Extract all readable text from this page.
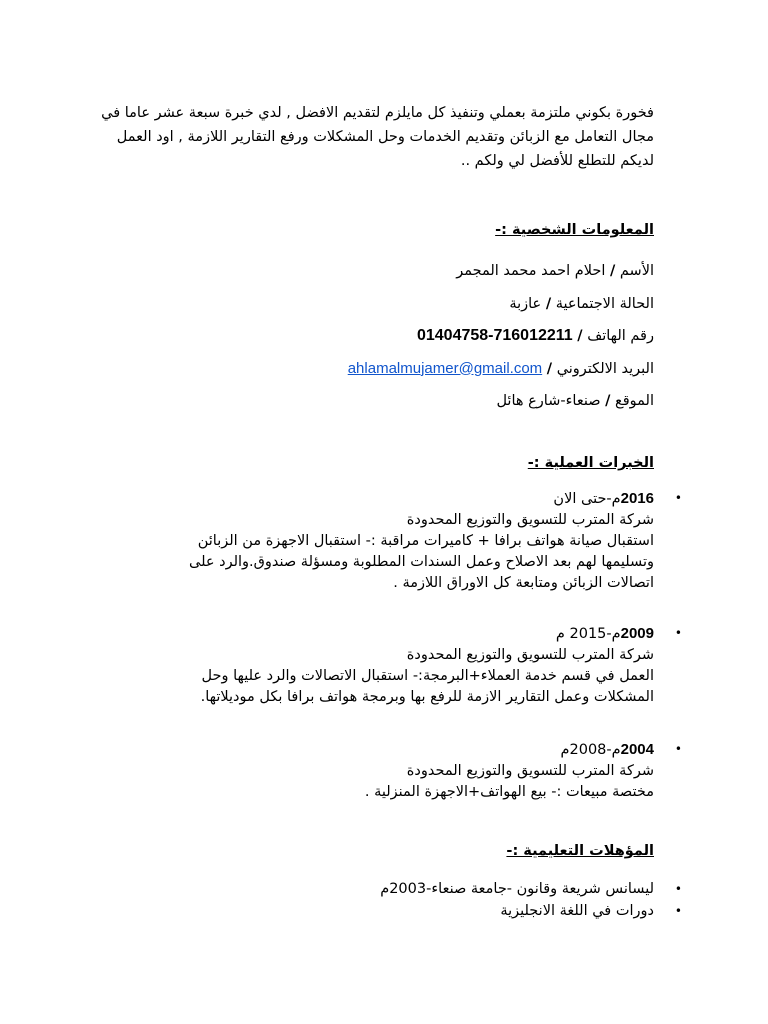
فخورة بكوني ملتزمة بعملي وتنفيذ كل مايلزم لتقديم الافضل , لدي خبرة سبعة عشر عاما في

مجال التعامل مع الزبائن وتقديم الخدمات وحل المشكلات ورفع التقارير اللازمة , اود العمل

لديكم للتطلع للأفضل لي ولكم ..

المعلومات الشخصية :-
الأسم / احلام احمد محمد المجمر
الحالة الاجتماعية / عازبة
رقم الهاتف / 01404758-716012211
البريد الالكتروني / ahlamalmujamer@gmail.com
الموقع / صنعاء-شارع هائل
الخبرات العملية :-
•
2016م-حتى الان
شركة المترب للتسويق والتوزيع المحدودة
استقبال صيانة هواتف برافا + كاميرات مراقبة :- استقبال الاجهزة من الزبائن
وتسليمها لهم بعد الاصلاح وعمل السندات المطلوبة ومسؤلة صندوق.والرد على
اتصالات الزبائن ومتابعة كل الاوراق اللازمة .
•
2009م-2015 م
شركة المترب للتسويق والتوزيع المحدودة
العمل في قسم خدمة العملاء+البرمجة:- استقبال الاتصالات والرد عليها وحل
المشكلات وعمل التقارير الازمة للرفع بها وبرمجة هواتف برافا بكل موديلاتها.
•
2004م-2008م
شركة المترب للتسويق والتوزيع المحدودة
مختصة مبيعات :- بيع الهواتف+الاجهزة المنزلية .
المؤهلات التعليمية :-
•
ليسانس شريعة وقانون -جامعة صنعاء-2003م
•
دورات في اللغة الانجليزية
